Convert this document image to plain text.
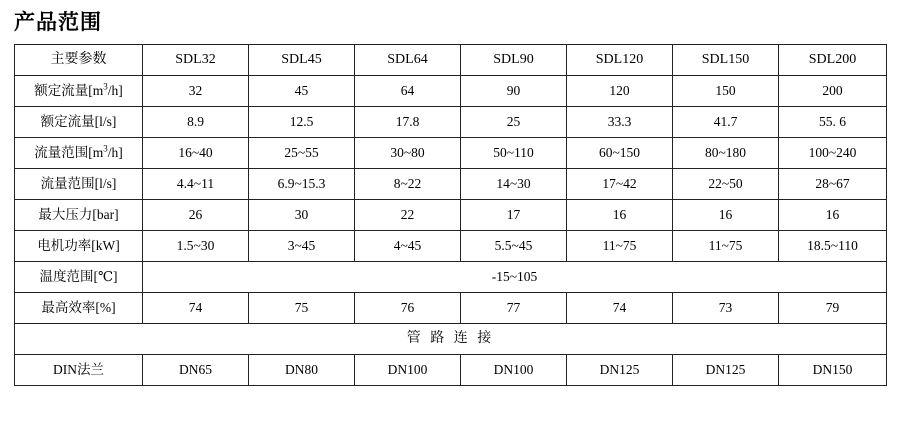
产品范围
主要参数	SDL32	SDL45	SDL64	SDL90	SDL120	SDL150	SDL200
额定流量$[m^3/h]$	32	45	64	90	120	150	200
额定流量[l/s]	8.9	12.5	17.8	25	33.3	41.7	55. 6
流量范围$[m^3/h]$	16~40	25~55	30~80	50~110	60~150	80~180	100~240
流量范围[l/s]	4.4~11	6.9~15.3	8~22	14~30	17~42	22~50	28~67
最大压力[bar]	26	30	22	17	16	16	16
电机功率[kW]	1.5~30	3~45	4~45	5.5~45	11~75	11~75	18.5~110
温度范围[℃]	-15~105						
最高效率[%]	74	75	76	77	74	73	79
管 路 连 接							
DIN法兰	DN65	DN80	DN100	DN100	DN125	DN125	DN150
